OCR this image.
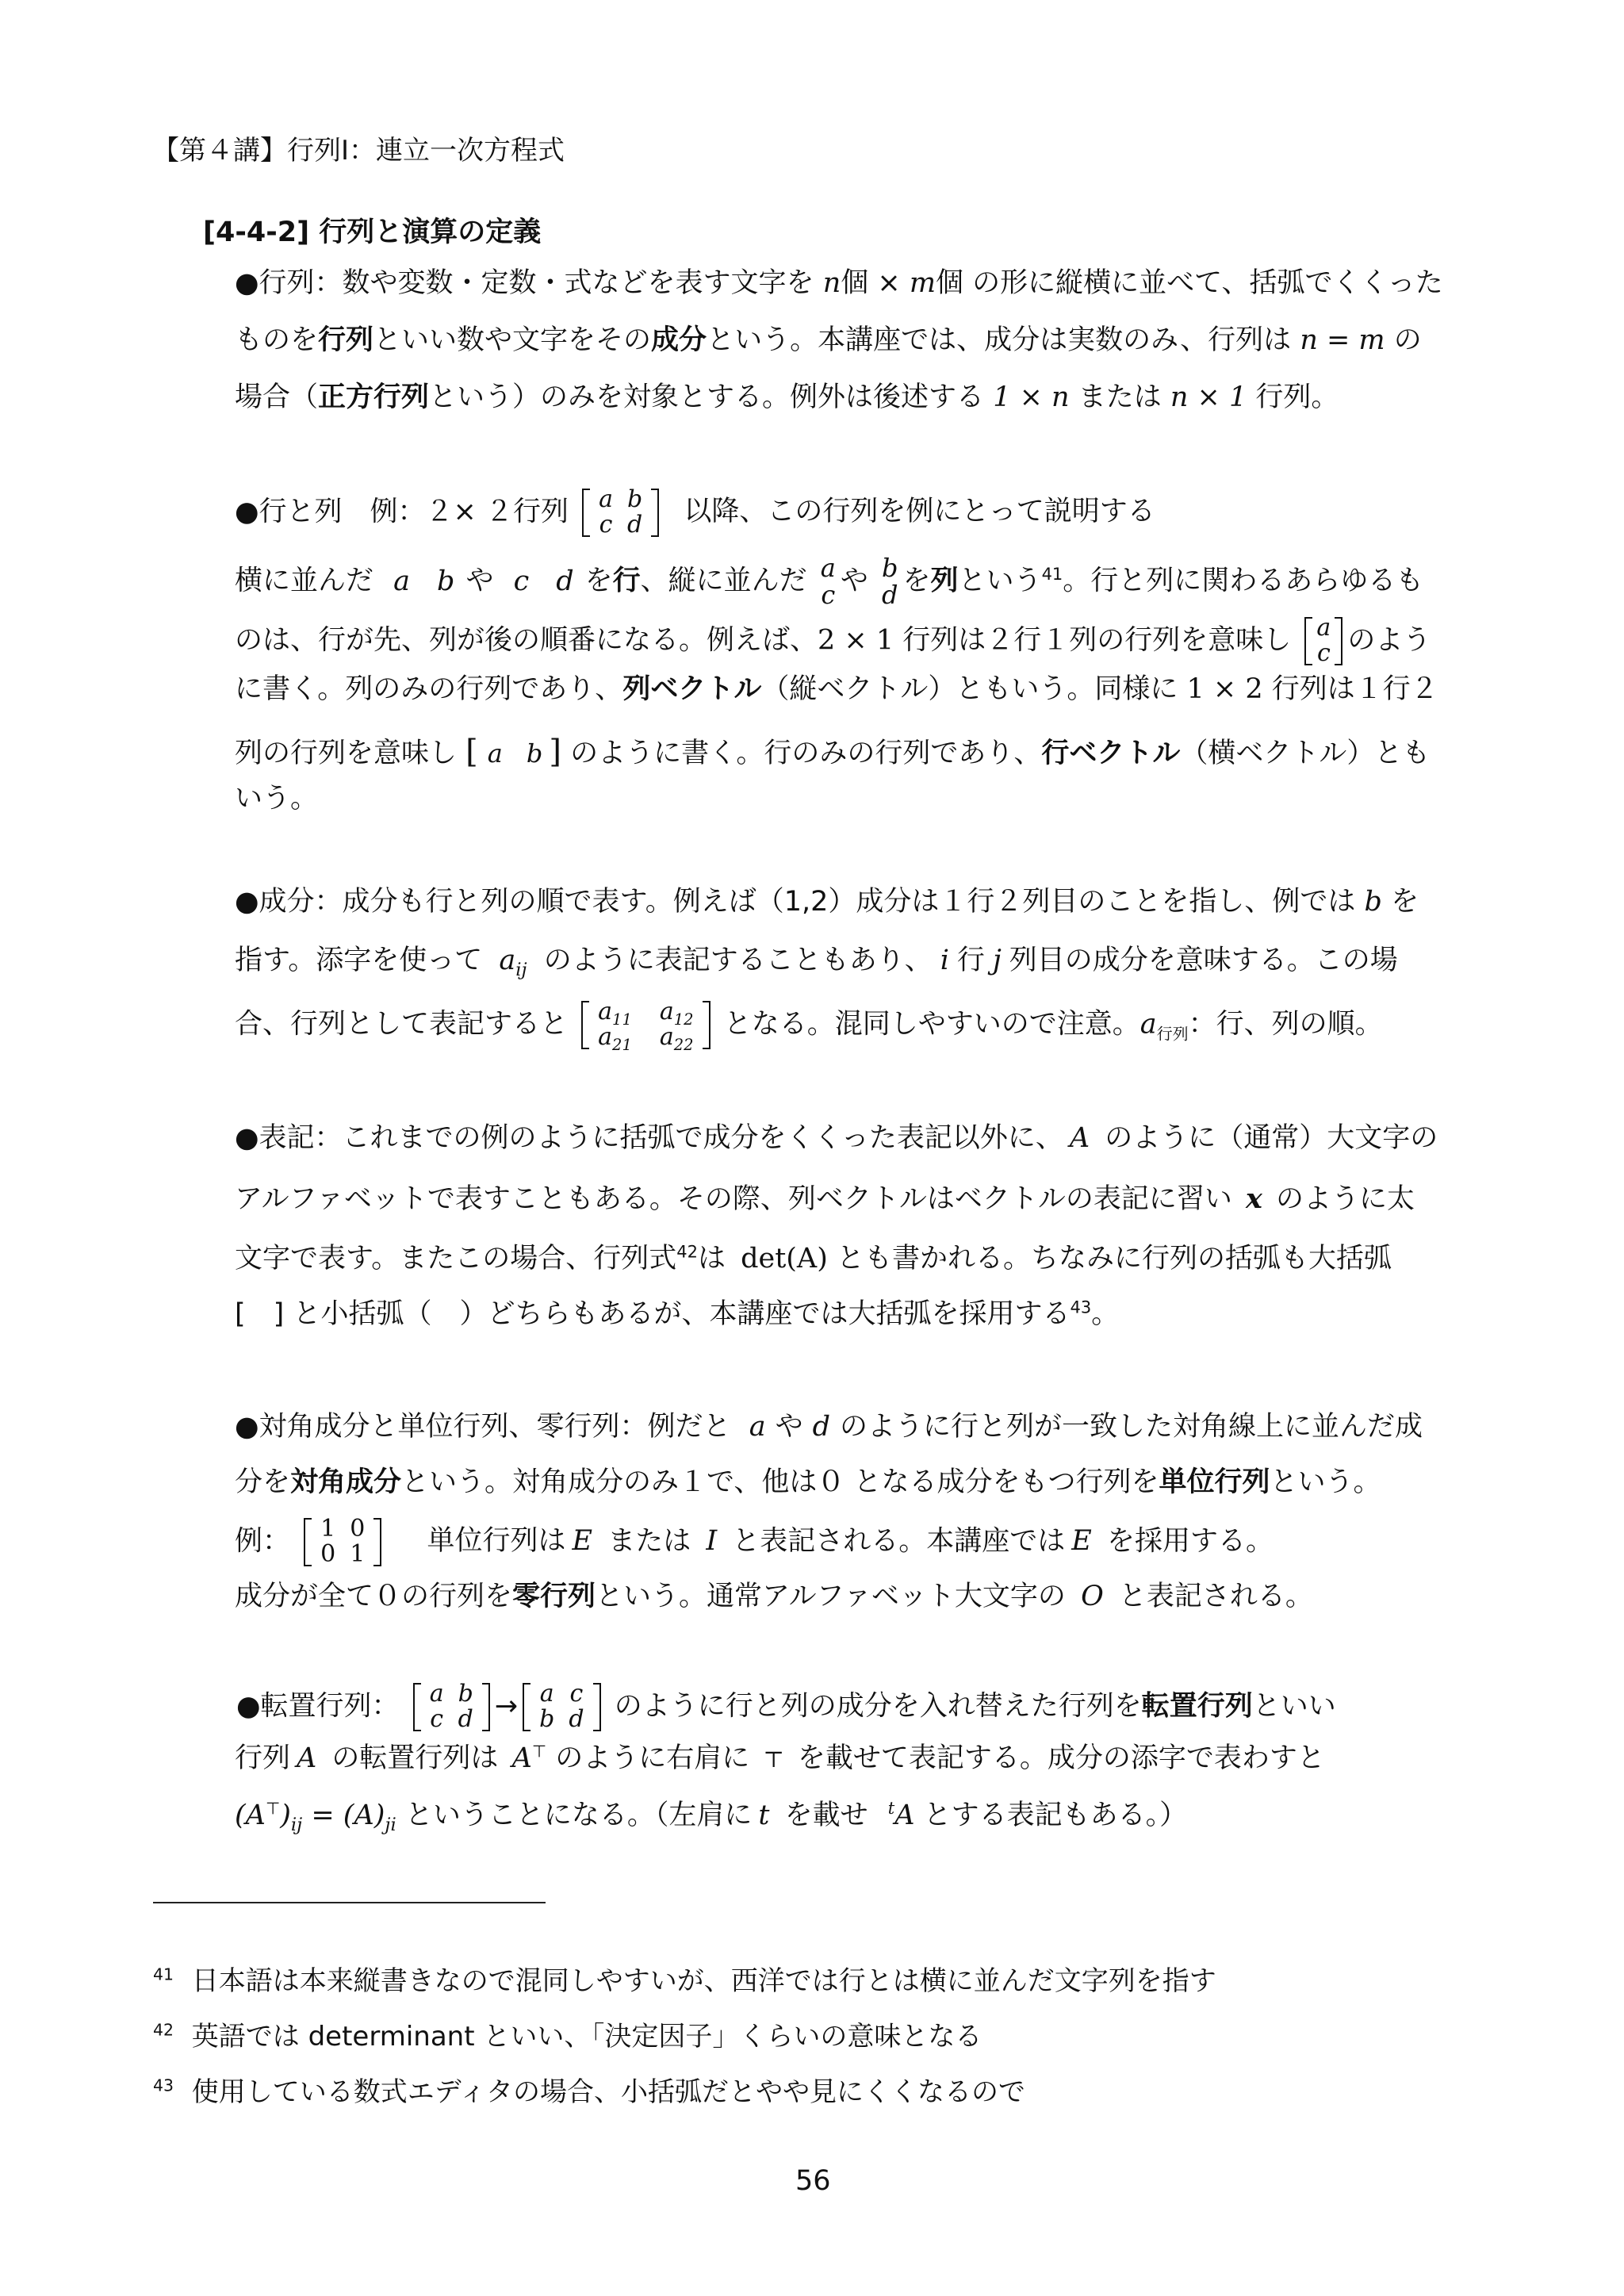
【第４講】行列Ⅰ：連立一次方程式
[4-4-2] 行列と演算の定義
●行列：数や変数・定数・式などを表す文字を n個 × m個 の形に縦横に並べて、括弧でくくった
ものを行列といい数や文字をその成分という。本講座では、成分は実数のみ、行列は n = m の
場合（正方行列という）のみを対象とする。例外は後述する 1 × n または n × 1 行列。
●行と列　例：２× ２行列 a	b
c	d 以降、この行列を例にとって説明する
横に並んだ a b や c d を行、縦に並んだ a
c や b
d を列という$^{41}$。行と列に関わるあらゆるも
のは、行が先、列が後の順番になる。例えば、2 × 1 行列は２行１列の行列を意味し a
c のよう
に書く。列のみの行列であり、列ベクトル（縦ベクトル）ともいう。同様に 1 × 2 行列は１行２
列の行列を意味し [ a b ] のように書く。行のみの行列であり、行ベクトル（横ベクトル）とも
いう。
●成分：成分も行と列の順で表す。例えば（1,2）成分は１行２列目のことを指し、例では b を
指す。添字を使って $a_{ij}$ のように表記することもあり、 i 行 j 列目の成分を意味する。この場
合、行列として表記すると $a_{11}$	$a_{12}$
$a_{21}$	$a_{22}$
となる。混同しやすいので注意。$a_{行列}$：行、列の順。
●表記：これまでの例のように括弧で成分をくくった表記以外に、 A のように（通常）大文字の
アルファベットで表すこともある。その際、列ベクトルはベクトルの表記に習い x のように太
文字で表す。またこの場合、行列式$^{42}$は det(A) とも書かれる。ちなみに行列の括弧も大括弧
[　] と小括弧（　）どちらもあるが、本講座では大括弧を採用する$^{43}$。
●対角成分と単位行列、零行列：例だと a や d のように行と列が一致した対角線上に並んだ成
分を対角成分という。対角成分のみ１で、他は０ となる成分をもつ行列を単位行列という。
例： 1	0
0	1 単位行列は E または I と表記される。本講座では E を採用する。
成分が全て０の行列を零行列という。通常アルファベット大文字の O と表記される。
●転置行列： a	b
c	d → a	c
b	d のように行と列の成分を入れ替えた行列を転置行列といい
行列 A の転置行列は A⊤ のように右肩に ⊤ を載せて表記する。成分の添字で表わすと
$(A^⊤)_{ij} = (A)_{ji}$ ということになる。（左肩に t を載せ $^t$A とする表記もある。）
$^{41}$ 日本語は本来縦書きなので混同しやすいが、西洋では行とは横に並んだ文字列を指す
$^{42}$ 英語では determinant といい、「決定因子」くらいの意味となる
$^{43}$ 使用している数式エディタの場合、小括弧だとやや見にくくなるので
56
